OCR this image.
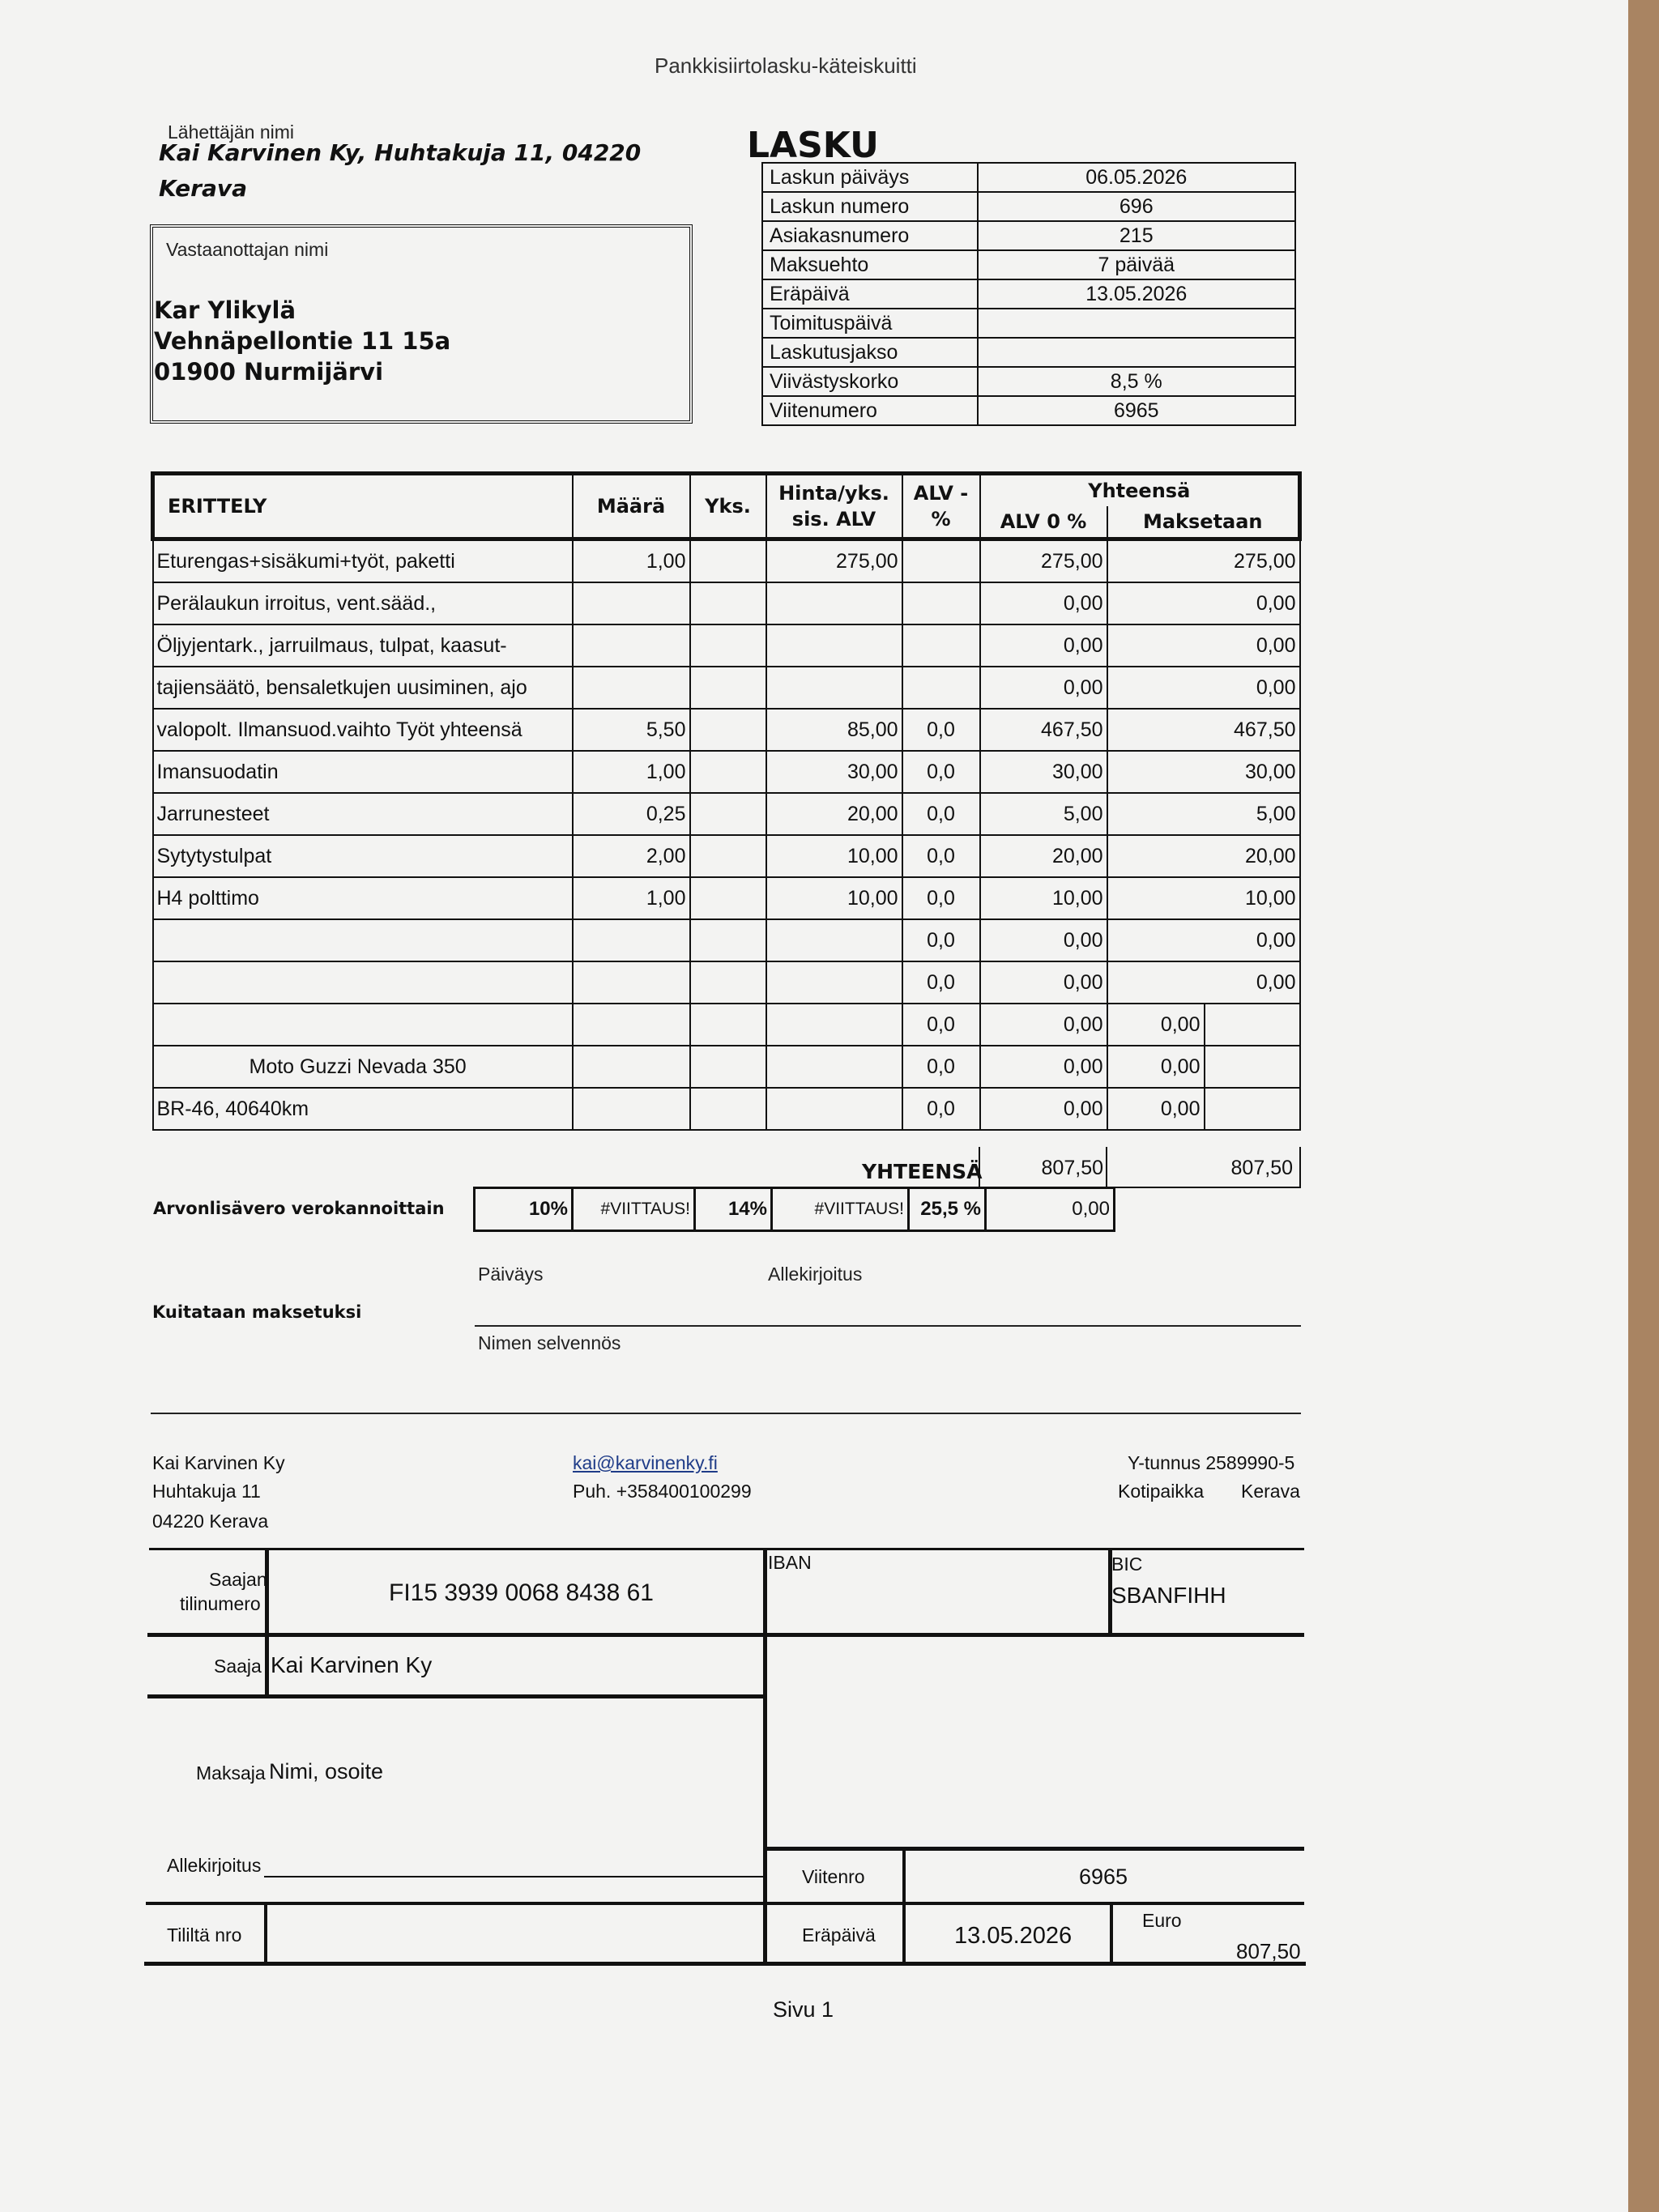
Pankkisiirtolasku-käteiskuitti
Lähettäjän nimi
Kai Karvinen Ky, Huhtakuja 11, 04220
Kerava
Vastaanottajan nimi
Kar Ylikylä
Vehnäpellontie 11 15a
01900 Nurmijärvi
LASKU
Laskun päiväys	06.05.2026
Laskun numero	696
Asiakasnumero	215
Maksuehto	7 päivää
Eräpäivä	13.05.2026
Toimituspäivä	
Laskutusjakso	
Viivästyskorko	8,5 %
Viitenumero	6965
ERITTELY	Määrä	Yks.	Hinta/yks.
sis. ALV	ALV -
%	Yhteensä		
					ALV 0 %	Maksetaan	
Eturengas+sisäkumi+työt, paketti	1,00		275,00		275,00	275,00	
Perälaukun irroitus, vent.sääd.,					0,00	0,00	
Öljyjentark., jarruilmaus, tulpat, kaasut-					0,00	0,00	
tajiensäätö, bensaletkujen uusiminen, ajo					0,00	0,00	
valopolt. Ilmansuod.vaihto Työt yhteensä	5,50		85,00	0,0	467,50	467,50	
Imansuodatin	1,00		30,00	0,0	30,00	30,00	
Jarrunesteet	0,25		20,00	0,0	5,00	5,00	
Sytytystulpat	2,00		10,00	0,0	20,00	20,00	
H4 polttimo	1,00		10,00	0,0	10,00	10,00	
				0,0	0,00	0,00	
				0,0	0,00	0,00	
				0,0	0,00	0,00	
Moto Guzzi Nevada 350				0,0	0,00	0,00	
BR-46, 40640km				0,0	0,00	0,00	
YHTEENSÄ	807,50	807,50
Arvonlisävero verokannoittain	10%	#VIITTAUS!	14%	#VIITTAUS!	25,5 %	0,00
Päiväys	Allekirjoitus
Kuitataan maksetuksi
Nimen selvennös
Kai Karvinen Ky
Huhtakuja 11
04220 Kerava
kai@karvinenky.fi
Puh. +358400100299
Y-tunnus 2589990-5
Kotipaikka Kerava
Saajan
tilinumero	FI15 3939 0068 8438 61
IBAN	BIC
SBANFIHH
Saaja Kai Karvinen Ky
Maksaja Nimi, osoite
Allekirjoitus
Viitenro	6965
Tililtä nro	Eräpäivä	13.05.2026
Euro
807,50
Sivu 1
